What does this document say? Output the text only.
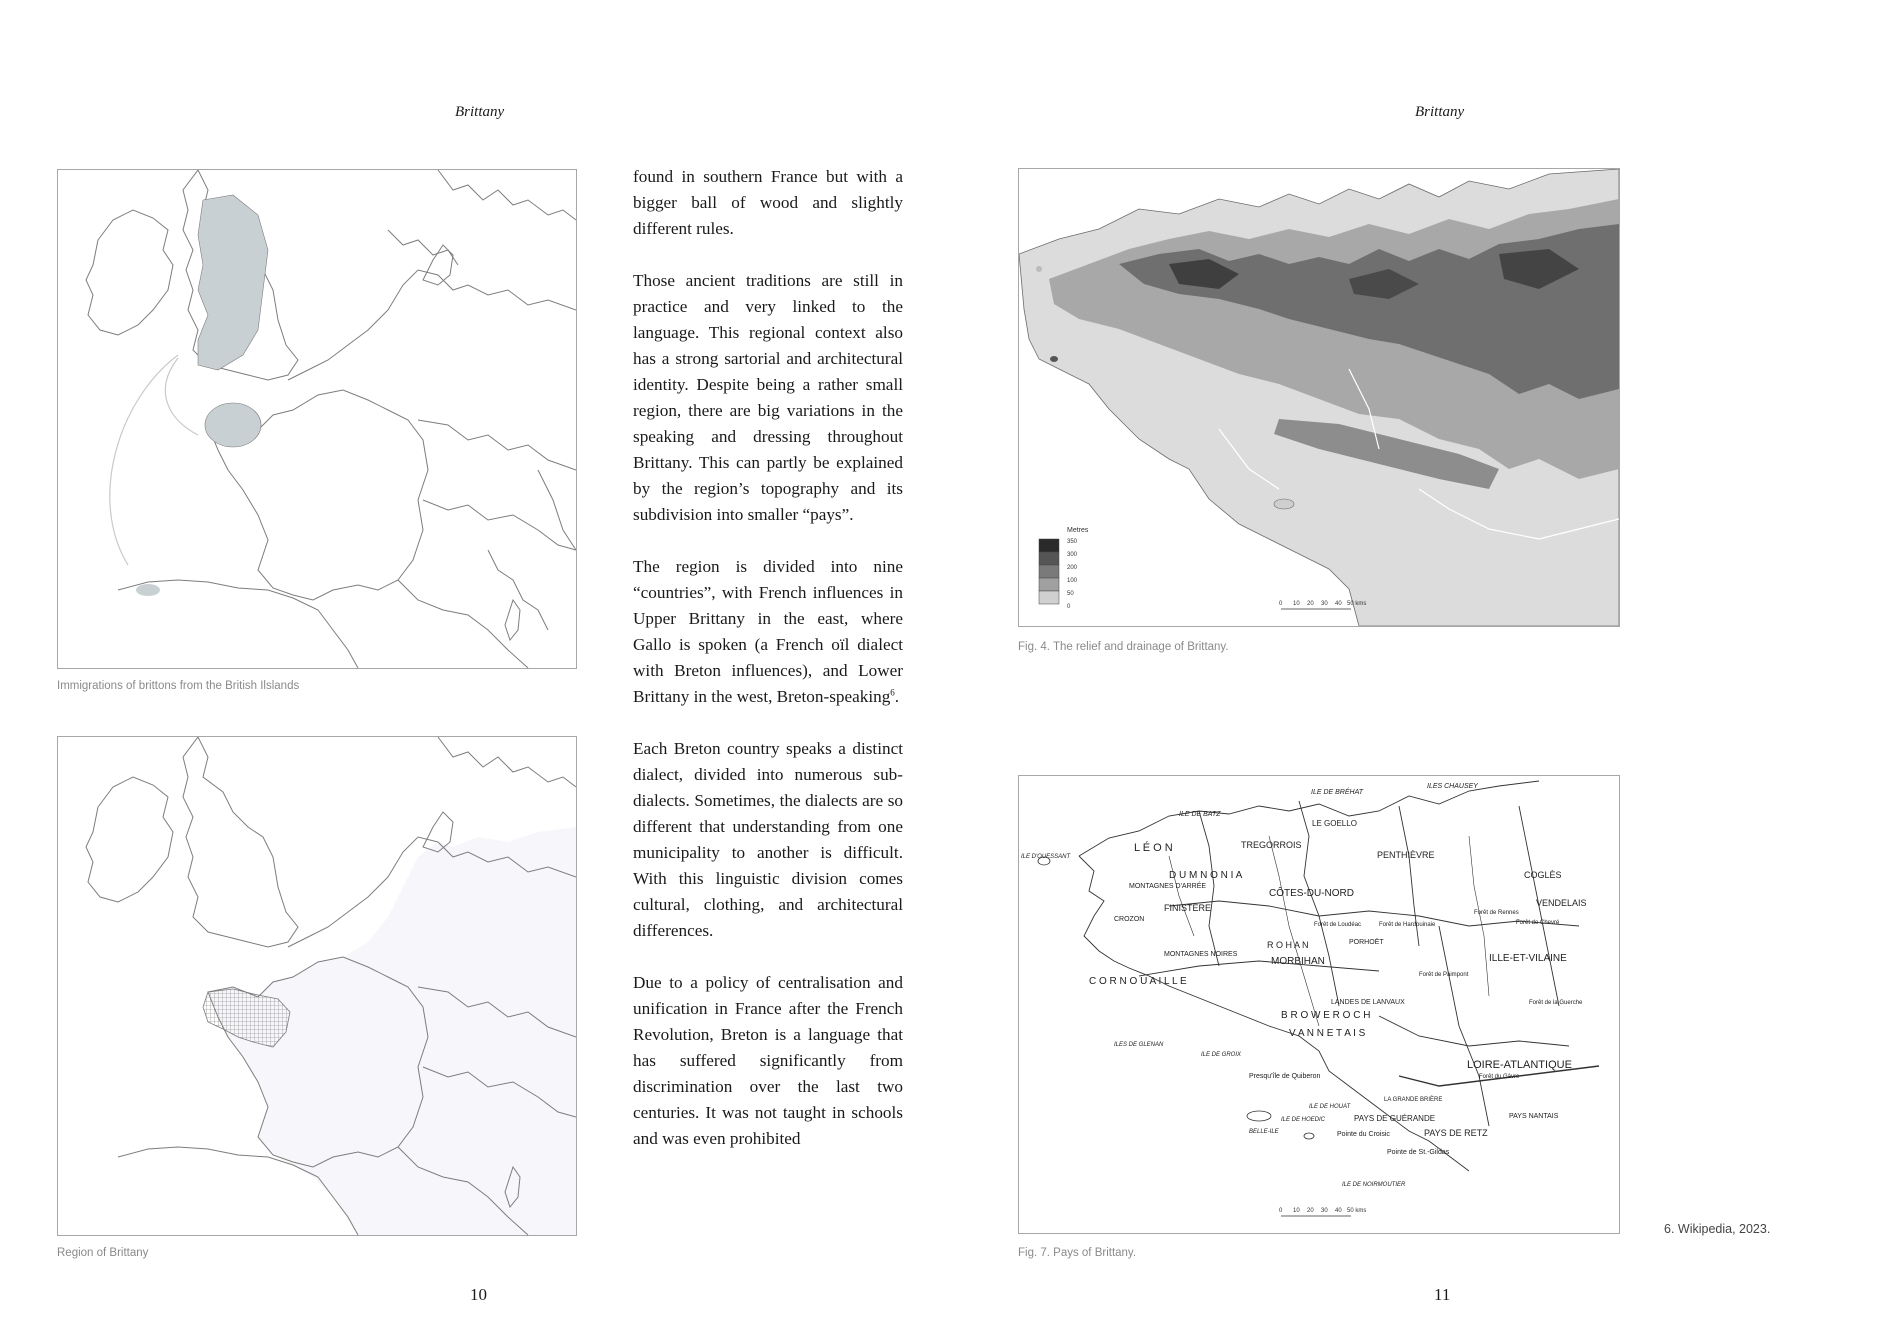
Brittany
Immigrations of brittons from the British Ilslands
Region of Brittany

found in southern France but with a bigger ball of wood and slightly different rules.

Those ancient traditions are still in practice and very linked to the language. This regional context also has a strong sartorial and architectural identity. Despite being a rather small region, there are big variations in the speaking and dressing throughout Brittany. This can partly be explained by the region’s topography and its subdivision into smaller “pays”.

The region is divided into nine “countries”, with French influences in Upper Brittany in the east, where Gallo is spoken (a French oïl dialect with Breton influences), and Lower Brittany in the west, Breton-speaking$^6$.

Each Breton country speaks a distinct dialect, divided into numerous sub-dialects. Sometimes, the dialects are so different that understanding from one municipality to another is difficult. With this linguistic division comes cultural, clothing, and architectural differences.

Due to a policy of centralisation and unification in France after the French Revolution, Breton is a language that has suffered significantly from discrimination over the last two centuries. It was not taught in schools and was even prohibited

10
Brittany
Metres
350
300
200
100
50
0	0 10 20 30 40 50 kms
Fig. 4. The relief and drainage of Brittany.
ILE DE BRÉHAT
ILES CHAUSEY
ILE DE BATZ
ILE D'OUESSANT
L É O N	TREGORROIS
LE GOELLO
PENTHIÈVRE
COGLÈS
D U M N O N I A
MONTAGNES D'ARRÉE
FINISTÈRE
CÔTES-DU-NORD
VENDELAIS
Forêt de Rennes
Forêt de Chevré
CROZON
Forêt de Loudéac	Forêt de Hardouinaie
MONTAGNES NOIRES
R O H A N	PORHOËT
MORBIHAN	ILLE-ET-VILAINE
C O R N O U A I L L E
Forêt de Paimpont
Forêt de la Guerche
LANDES DE LANVAUX
B R O W E R O C H
V A N N E T A I S
ILES DE GLENAN
ILE DE GROIX
LOIRE-ATLANTIQUE
Forêt du Gâvre
Presqu'île de Quiberon
LA GRANDE BRIÈRE
ILE DE HOUAT
PAYS DE GUÉRANDE
BELLE-ILE
ILE DE HOEDIC
Pointe du Croisic	PAYS DE RETZ
Pointe de St.-Gildas
PAYS NANTAIS
ILE DE NOIRMOUTIER
0 10 20 30 40 50 kms
Fig. 7. Pays of Brittany.
6. Wikipedia, 2023.
11
